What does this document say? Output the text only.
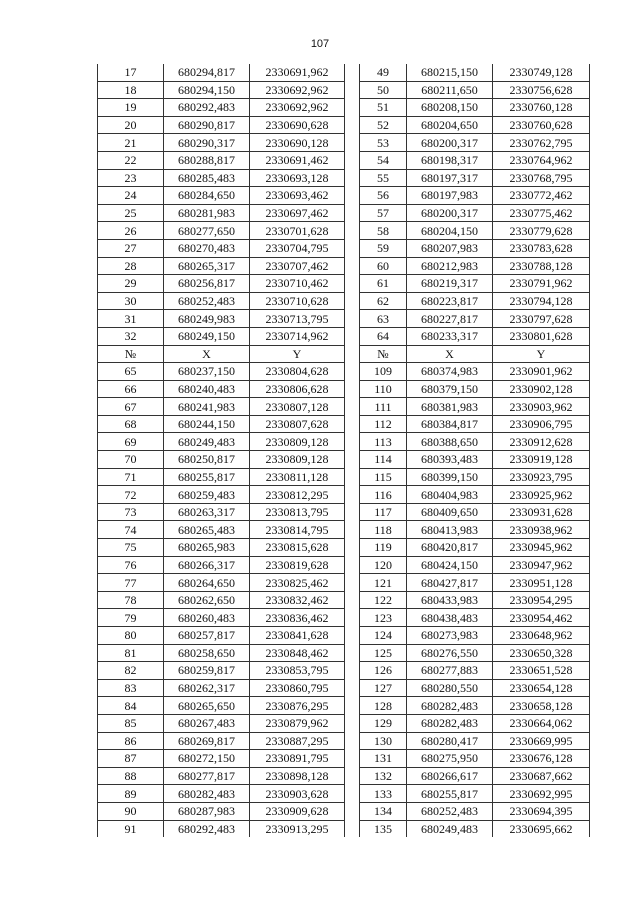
107
17	680294,817	2330691,962		49	680215,150	2330749,128
18	680294,150	2330692,962		50	680211,650	2330756,628
19	680292,483	2330692,962		51	680208,150	2330760,128
20	680290,817	2330690,628		52	680204,650	2330760,628
21	680290,317	2330690,128		53	680200,317	2330762,795
22	680288,817	2330691,462		54	680198,317	2330764,962
23	680285,483	2330693,128		55	680197,317	2330768,795
24	680284,650	2330693,462		56	680197,983	2330772,462
25	680281,983	2330697,462		57	680200,317	2330775,462
26	680277,650	2330701,628		58	680204,150	2330779,628
27	680270,483	2330704,795		59	680207,983	2330783,628
28	680265,317	2330707,462		60	680212,983	2330788,128
29	680256,817	2330710,462		61	680219,317	2330791,962
30	680252,483	2330710,628		62	680223,817	2330794,128
31	680249,983	2330713,795		63	680227,817	2330797,628
32	680249,150	2330714,962		64	680233,317	2330801,628
№	X	Y		№	X	Y
65	680237,150	2330804,628		109	680374,983	2330901,962
66	680240,483	2330806,628		110	680379,150	2330902,128
67	680241,983	2330807,128		111	680381,983	2330903,962
68	680244,150	2330807,628		112	680384,817	2330906,795
69	680249,483	2330809,128		113	680388,650	2330912,628
70	680250,817	2330809,128		114	680393,483	2330919,128
71	680255,817	2330811,128		115	680399,150	2330923,795
72	680259,483	2330812,295		116	680404,983	2330925,962
73	680263,317	2330813,795		117	680409,650	2330931,628
74	680265,483	2330814,795		118	680413,983	2330938,962
75	680265,983	2330815,628		119	680420,817	2330945,962
76	680266,317	2330819,628		120	680424,150	2330947,962
77	680264,650	2330825,462		121	680427,817	2330951,128
78	680262,650	2330832,462		122	680433,983	2330954,295
79	680260,483	2330836,462		123	680438,483	2330954,462
80	680257,817	2330841,628		124	680273,983	2330648,962
81	680258,650	2330848,462		125	680276,550	2330650,328
82	680259,817	2330853,795		126	680277,883	2330651,528
83	680262,317	2330860,795		127	680280,550	2330654,128
84	680265,650	2330876,295		128	680282,483	2330658,128
85	680267,483	2330879,962		129	680282,483	2330664,062
86	680269,817	2330887,295		130	680280,417	2330669,995
87	680272,150	2330891,795		131	680275,950	2330676,128
88	680277,817	2330898,128		132	680266,617	2330687,662
89	680282,483	2330903,628		133	680255,817	2330692,995
90	680287,983	2330909,628		134	680252,483	2330694,395
91	680292,483	2330913,295		135	680249,483	2330695,662
